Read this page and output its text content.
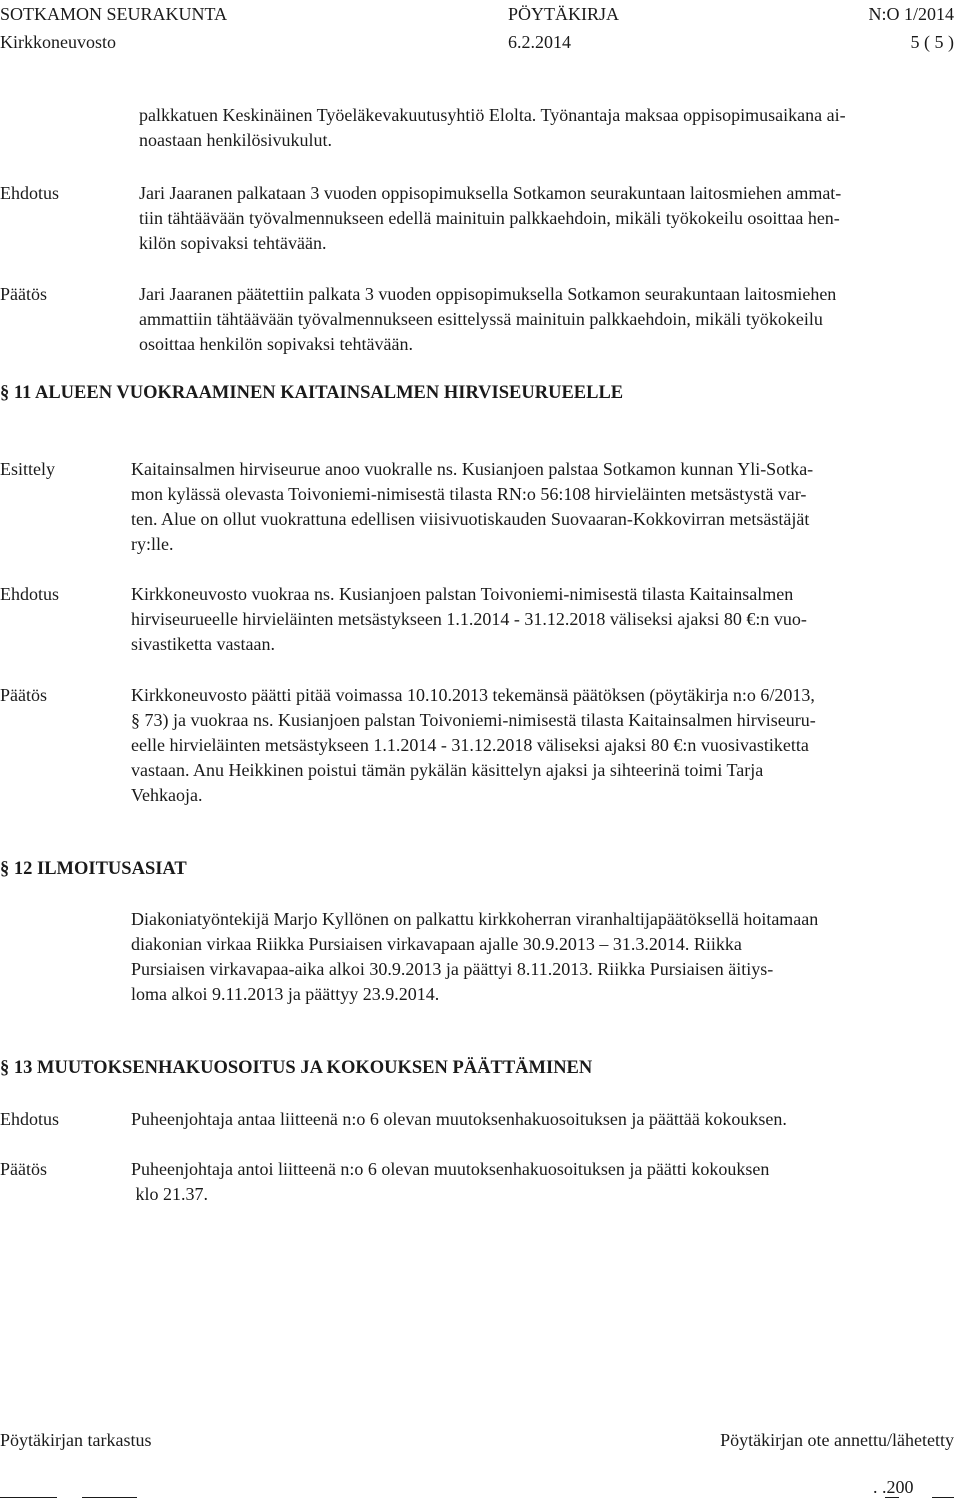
SOTKAMON SEURAKUNTA	PÖYTÄKIRJA	N:O 1/2014
Kirkkoneuvosto	6.2.2014	5 ( 5 )
palkkatuen Keskinäinen Työeläkevakuutusyhtiö Elolta. Työnantaja maksaa oppisopimusaikana ai-
noastaan henkilösivukulut.
Ehdotus	Jari Jaaranen palkataan 3 vuoden oppisopimuksella Sotkamon seurakuntaan laitosmiehen ammat-
tiin tähtäävään työvalmennukseen edellä mainituin palkkaehdoin, mikäli työkokeilu osoittaa hen-
kilön sopivaksi tehtävään.
Päätös	Jari Jaaranen päätettiin palkata 3 vuoden oppisopimuksella Sotkamon seurakuntaan laitosmiehen
ammattiin tähtäävään työvalmennukseen esittelyssä mainituin palkkaehdoin, mikäli työkokeilu
osoittaa henkilön sopivaksi tehtävään.
§ 11 ALUEEN VUOKRAAMINEN KAITAINSALMEN HIRVISEURUEELLE
Esittely	Kaitainsalmen hirviseurue anoo vuokralle ns. Kusianjoen palstaa Sotkamon kunnan Yli-Sotka-
mon kylässä olevasta Toivoniemi-nimisestä tilasta RN:o 56:108 hirvieläinten metsästystä var-
ten. Alue on ollut vuokrattuna edellisen viisivuotiskauden Suovaaran-Kokkovirran metsästäjät
ry:lle.
Ehdotus	Kirkkoneuvosto vuokraa ns. Kusianjoen palstan Toivoniemi-nimisestä tilasta Kaitainsalmen
hirviseurueelle hirvieläinten metsästykseen 1.1.2014 - 31.12.2018 väliseksi ajaksi 80 €:n vuo-
sivastiketta vastaan.
Päätös	Kirkkoneuvosto päätti pitää voimassa 10.10.2013 tekemänsä päätöksen (pöytäkirja n:o 6/2013,
§ 73) ja vuokraa ns. Kusianjoen palstan Toivoniemi-nimisestä tilasta Kaitainsalmen hirviseuru-
eelle hirvieläinten metsästykseen 1.1.2014 - 31.12.2018 väliseksi ajaksi 80 €:n vuosivastiketta
vastaan. Anu Heikkinen poistui tämän pykälän käsittelyn ajaksi ja sihteerinä toimi Tarja
Vehkaoja.
§ 12 ILMOITUSASIAT
Diakoniatyöntekijä Marjo Kyllönen on palkattu kirkkoherran viranhaltijapäätöksellä hoitamaan
diakonian virkaa Riikka Pursiaisen virkavapaan ajalle 30.9.2013 – 31.3.2014. Riikka
Pursiaisen virkavapaa-aika alkoi 30.9.2013 ja päättyi 8.11.2013. Riikka Pursiaisen äitiys-
loma alkoi 9.11.2013 ja päättyy 23.9.2014.
§ 13 MUUTOKSENHAKUOSOITUS JA KOKOUKSEN PÄÄTTÄMINEN
Ehdotus	Puheenjohtaja antaa liitteenä n:o 6 olevan muutoksenhakuosoituksen ja päättää kokouksen.
Päätös	Puheenjohtaja antoi liitteenä n:o 6 olevan muutoksenhakuosoituksen ja päätti kokouksen
klo 21.37.
Pöytäkirjan tarkastus	Pöytäkirjan ote annettu/lähetetty
. .200
